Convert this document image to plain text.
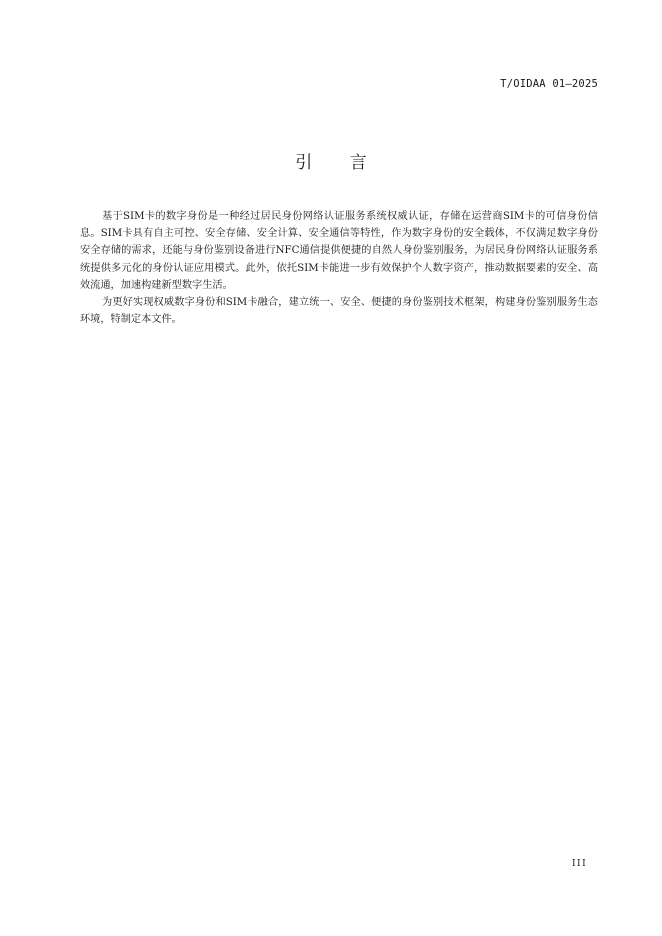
T/OIDAA 01—2025
引 言

基于SIM卡的数字身份是一种经过居民身份网络认证服务系统权威认证，存储在运营商SIM卡的可信身份信息。SIM卡具有自主可控、安全存储、安全计算、安全通信等特性，作为数字身份的安全载体，不仅满足数字身份安全存储的需求，还能与身份鉴别设备进行NFC通信提供便捷的自然人身份鉴别服务，为居民身份网络认证服务系统提供多元化的身份认证应用模式。此外，依托SIM卡能进一步有效保护个人数字资产，推动数据要素的安全、高效流通，加速构建新型数字生活。

为更好实现权威数字身份和SIM卡融合，建立统一、安全、便捷的身份鉴别技术框架，构建身份鉴别服务生态环境，特制定本文件。

III
